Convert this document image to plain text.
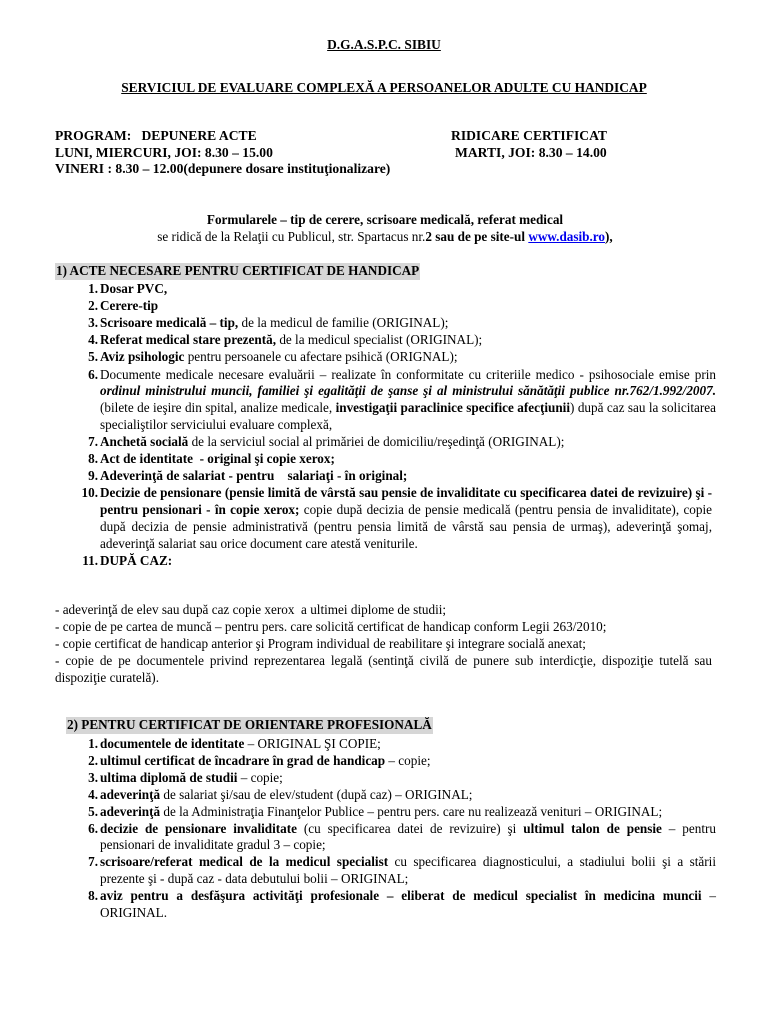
D.G.A.S.P.C. SIBIU
SERVICIUL DE EVALUARE COMPLEXĂ A PERSOANELOR ADULTE CU HANDICAP
PROGRAM:   DEPUNERE ACTE	RIDICARE CERTIFICAT
LUNI, MIERCURI, JOI: 8.30 – 15.00	MARTI, JOI: 8.30 – 14.00
VINERI : 8.30 – 12.00(depunere dosare instituţionalizare)
Formularele – tip de cerere, scrisoare medicală, referat medical
se ridică de la Relaţii cu Publicul, str. Spartacus nr.2 sau de pe site-ul www.dasib.ro),
1) ACTE NECESARE PENTRU CERTIFICAT DE HANDICAP
1. Dosar PVC,
2. Cerere-tip
3. Scrisoare medicală – tip, de la medicul de familie (ORIGINAL);
4. Referat medical stare prezentă, de la medicul specialist (ORIGINAL);
5. Aviz psihologic pentru persoanele cu afectare psihică (ORIGNAL);
6. Documente medicale necesare evaluării – realizate în conformitate cu criteriile medico - psihosociale emise prin ordinul ministrului muncii, familiei şi egalităţii de şanse şi al ministrului sănătăţii publice nr.762/1.992/2007. (bilete de ieşire din spital, analize medicale, investigaţii paraclinice specifice afecţiunii) după caz sau la solicitarea specialiştilor serviciului evaluare complexă,
7. Anchetă socială de la serviciul social al primăriei de domiciliu/reşedinţă (ORIGINAL);
8. Act de identitate  - original şi copie xerox;
9. Adeverinţă de salariat - pentru    salariaţi - în original;
10. Decizie de pensionare (pensie limită de vârstă sau pensie de invaliditate cu specificarea datei de revizuire) şi - pentru pensionari - în copie xerox; copie după decizia de pensie medicală (pentru pensia de invaliditate), copie după decizia de pensie administrativă (pentru pensia limită de vârstă sau pensia de urmaş), adeverinţă şomaj, adeverinţă salariat sau orice document care atestă veniturile.
11. DUPĂ CAZ:
- adeverinţă de elev sau după caz copie xerox  a ultimei diplome de studii;
- copie de pe cartea de muncă – pentru pers. care solicită certificat de handicap conform Legii 263/2010;
- copie certificat de handicap anterior şi Program individual de reabilitare şi integrare socială anexat;
- copie de pe documentele privind reprezentarea legală (sentinţă civilă de punere sub interdicţie, dispoziţie tutelă sau dispoziţie curatelă).
2) PENTRU CERTIFICAT DE ORIENTARE PROFESIONALĂ
1. documentele de identitate – ORIGINAL ŞI COPIE;
2. ultimul certificat de încadrare în grad de handicap – copie;
3. ultima diplomă de studii – copie;
4. adeverinţă de salariat şi/sau de elev/student (după caz) – ORIGINAL;
5. adeverinţă de la Administraţia Finanţelor Publice – pentru pers. care nu realizează venituri – ORIGINAL;
6. decizie de pensionare invaliditate (cu specificarea datei de revizuire) şi ultimul talon de pensie – pentru pensionari de invaliditate gradul 3 – copie;
7. scrisoare/referat medical de la medicul specialist cu specificarea diagnosticului, a stadiului bolii şi a stării prezente şi - după caz - data debutului bolii – ORIGINAL;
8. aviz pentru a desfăşura activităţi profesionale – eliberat de medicul specialist în medicina muncii – ORIGINAL.
